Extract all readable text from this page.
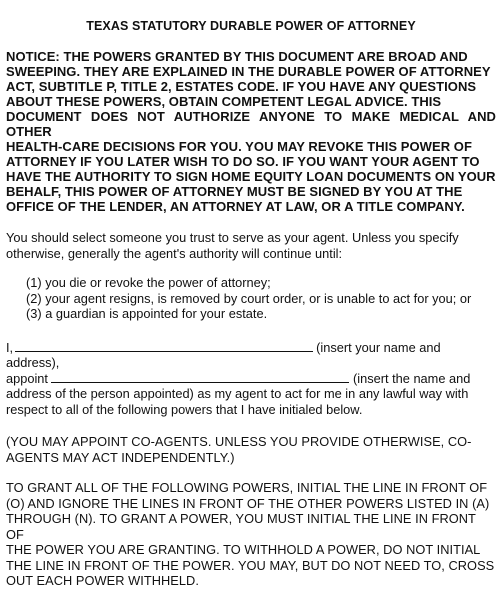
TEXAS STATUTORY DURABLE POWER OF ATTORNEY
NOTICE: THE POWERS GRANTED BY THIS DOCUMENT ARE BROAD AND
SWEEPING. THEY ARE EXPLAINED IN THE DURABLE POWER OF ATTORNEY
ACT, SUBTITLE P, TITLE 2, ESTATES CODE. IF YOU HAVE ANY QUESTIONS
ABOUT THESE POWERS, OBTAIN COMPETENT LEGAL ADVICE. THIS
DOCUMENT DOES NOT AUTHORIZE ANYONE TO MAKE MEDICAL AND OTHER
HEALTH-CARE DECISIONS FOR YOU. YOU MAY REVOKE THIS POWER OF
ATTORNEY IF YOU LATER WISH TO DO SO. IF YOU WANT YOUR AGENT TO
HAVE THE AUTHORITY TO SIGN HOME EQUITY LOAN DOCUMENTS ON YOUR
BEHALF, THIS POWER OF ATTORNEY MUST BE SIGNED BY YOU AT THE
OFFICE OF THE LENDER, AN ATTORNEY AT LAW, OR A TITLE COMPANY.
You should select someone you trust to serve as your agent. Unless you specify
otherwise, generally the agent's authority will continue until:
(1) you die or revoke the power of attorney;
(2) your agent resigns, is removed by court order, or is unable to act for you; or
(3) a guardian is appointed for your estate.
I,	(insert your name and address),
appoint	(insert the name and
address of the person appointed) as my agent to act for me in any lawful way with
respect to all of the following powers that I have initialed below.
(YOU MAY APPOINT CO-AGENTS. UNLESS YOU PROVIDE OTHERWISE, CO-
AGENTS MAY ACT INDEPENDENTLY.)
TO GRANT ALL OF THE FOLLOWING POWERS, INITIAL THE LINE IN FRONT OF
(O) AND IGNORE THE LINES IN FRONT OF THE OTHER POWERS LISTED IN (A)
THROUGH (N). TO GRANT A POWER, YOU MUST INITIAL THE LINE IN FRONT OF
THE POWER YOU ARE GRANTING. TO WITHHOLD A POWER, DO NOT INITIAL
THE LINE IN FRONT OF THE POWER. YOU MAY, BUT DO NOT NEED TO, CROSS
OUT EACH POWER WITHHELD.
